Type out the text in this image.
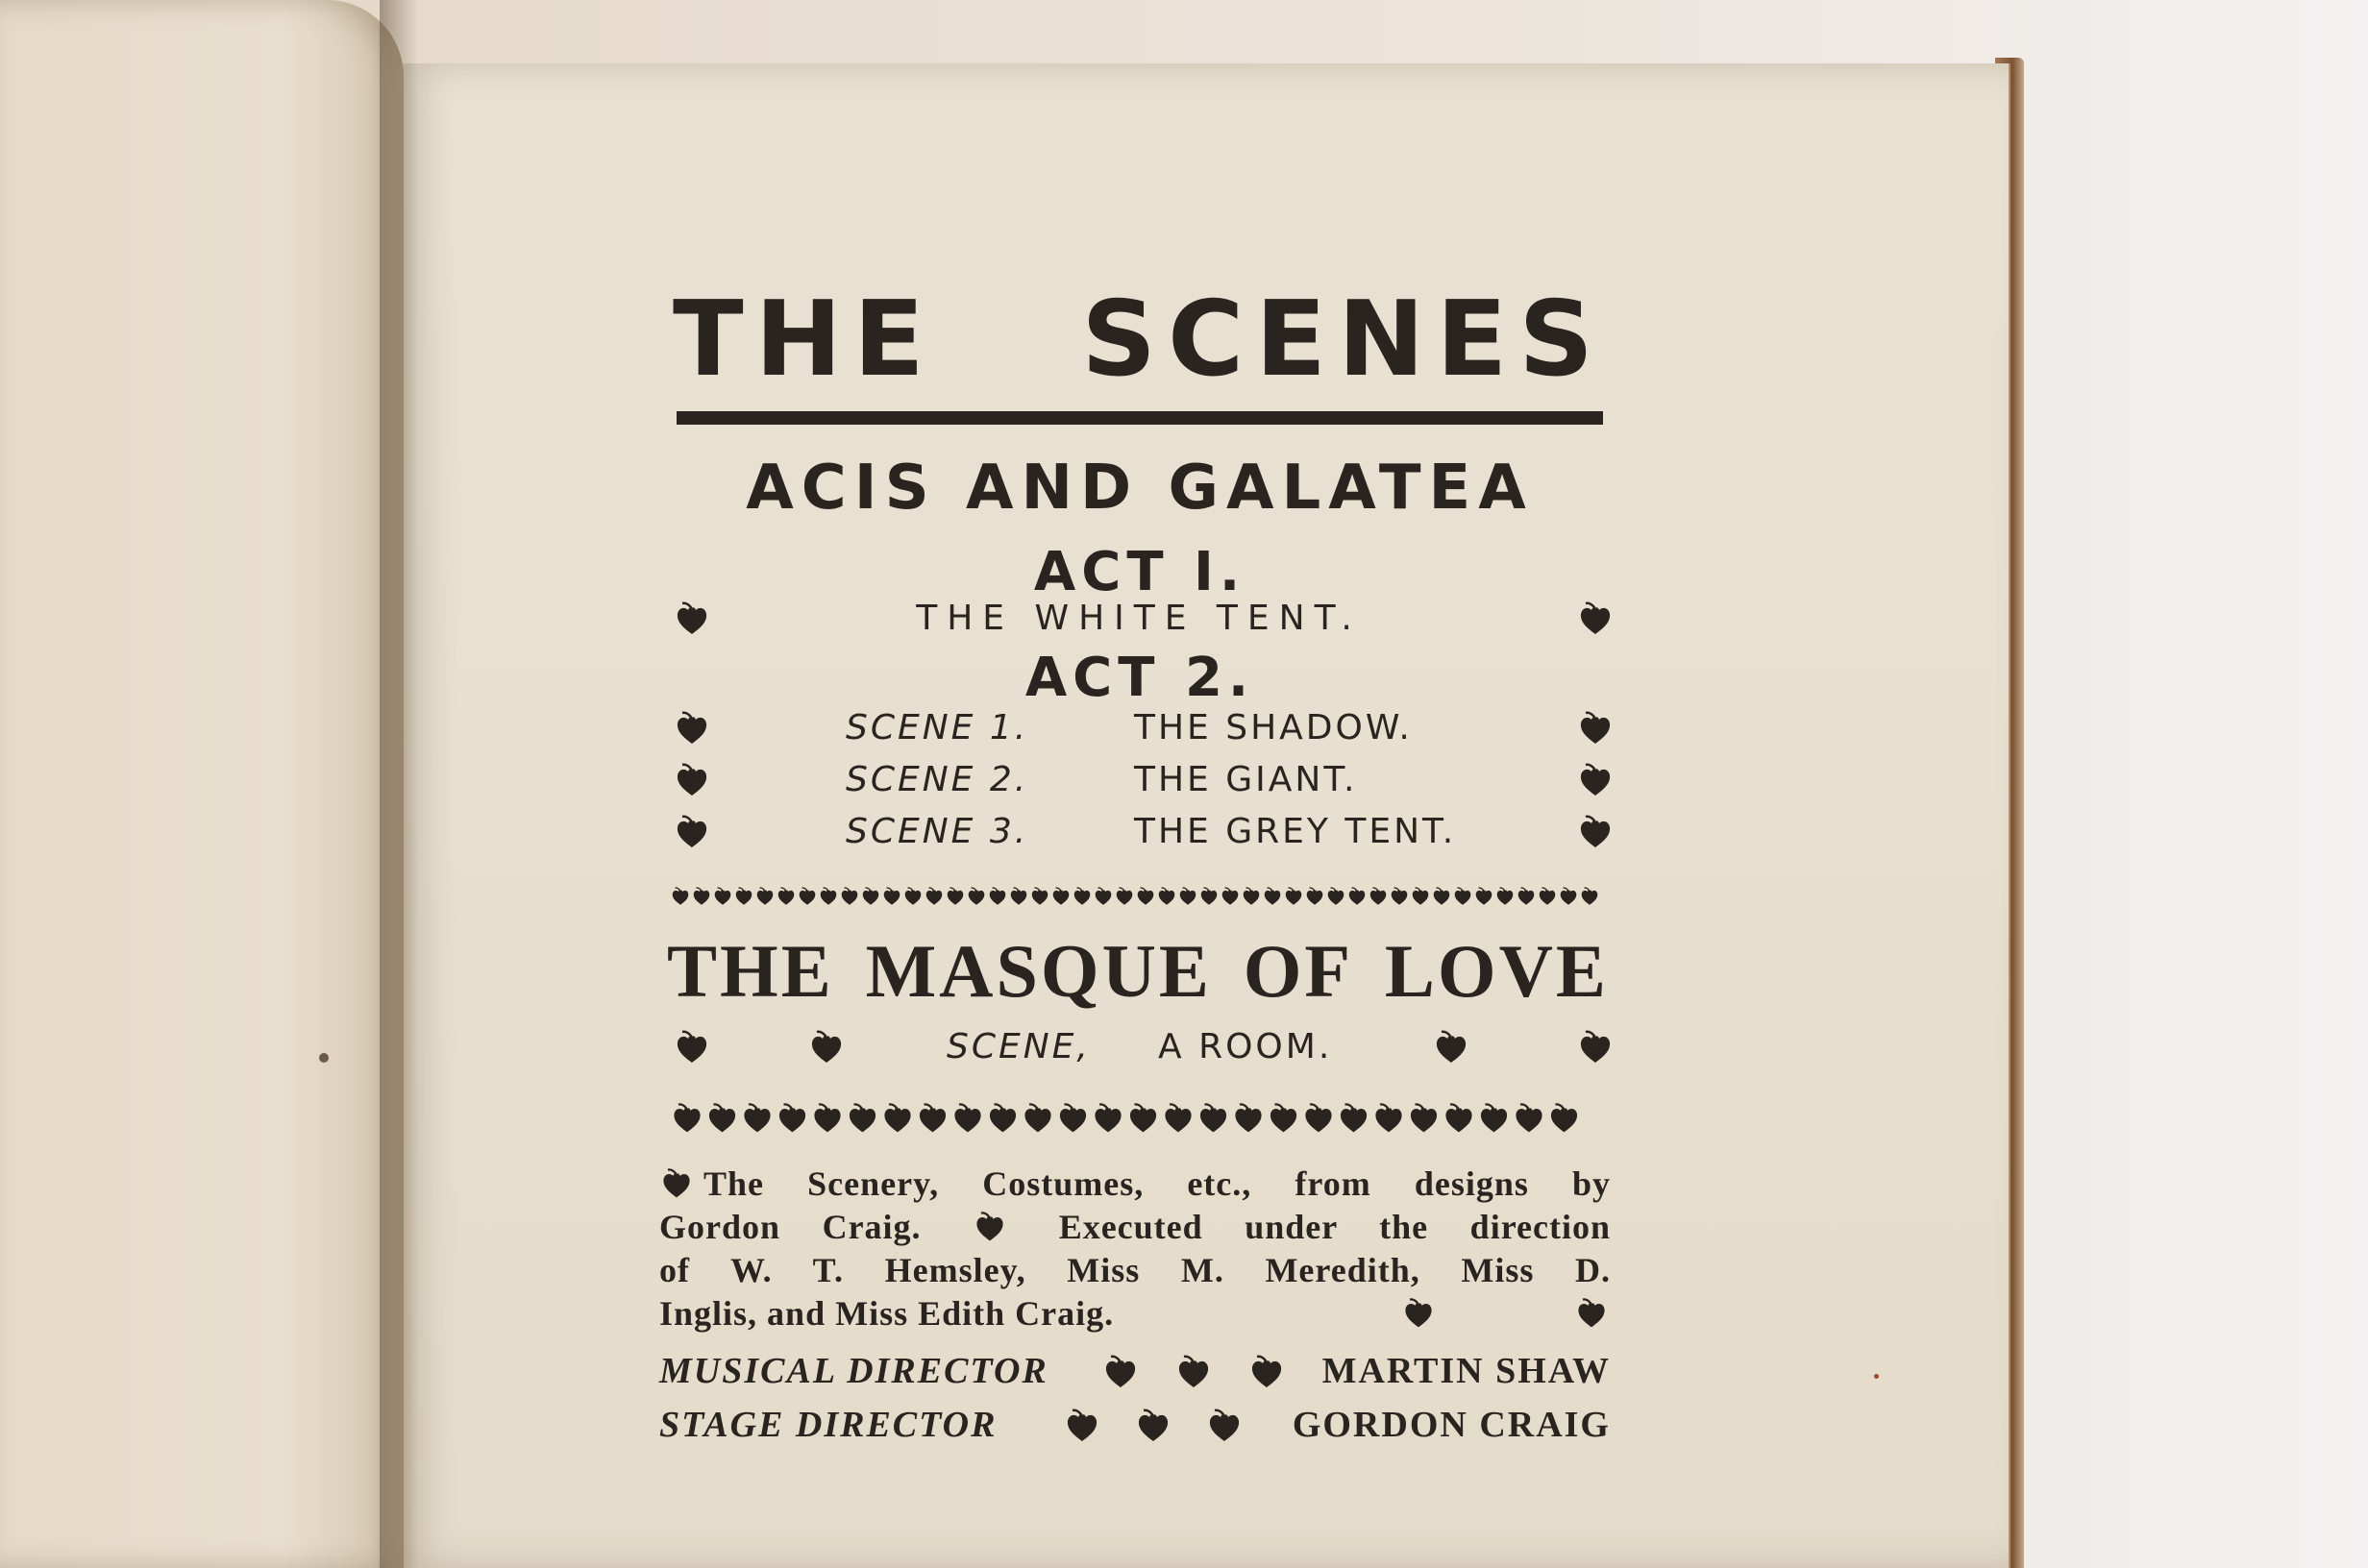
THE SCENES
ACIS AND GALATEA
ACT I.
THE WHITE TENT.
ACT 2.
SCENE 1.	THE SHADOW.
SCENE 2.	THE GIANT.
SCENE 3.	THE GREY TENT.
THE MASQUE OF LOVE
SCENE, A ROOM.
The Scenery, Costumes, etc., from designs by
Gordon Craig.	Executed under the direction
of W. T. Hemsley, Miss M. Meredith, Miss D.
Inglis, and Miss Edith Craig.
MUSICAL DIRECTOR	MARTIN SHAW
STAGE DIRECTOR	GORDON CRAIG
